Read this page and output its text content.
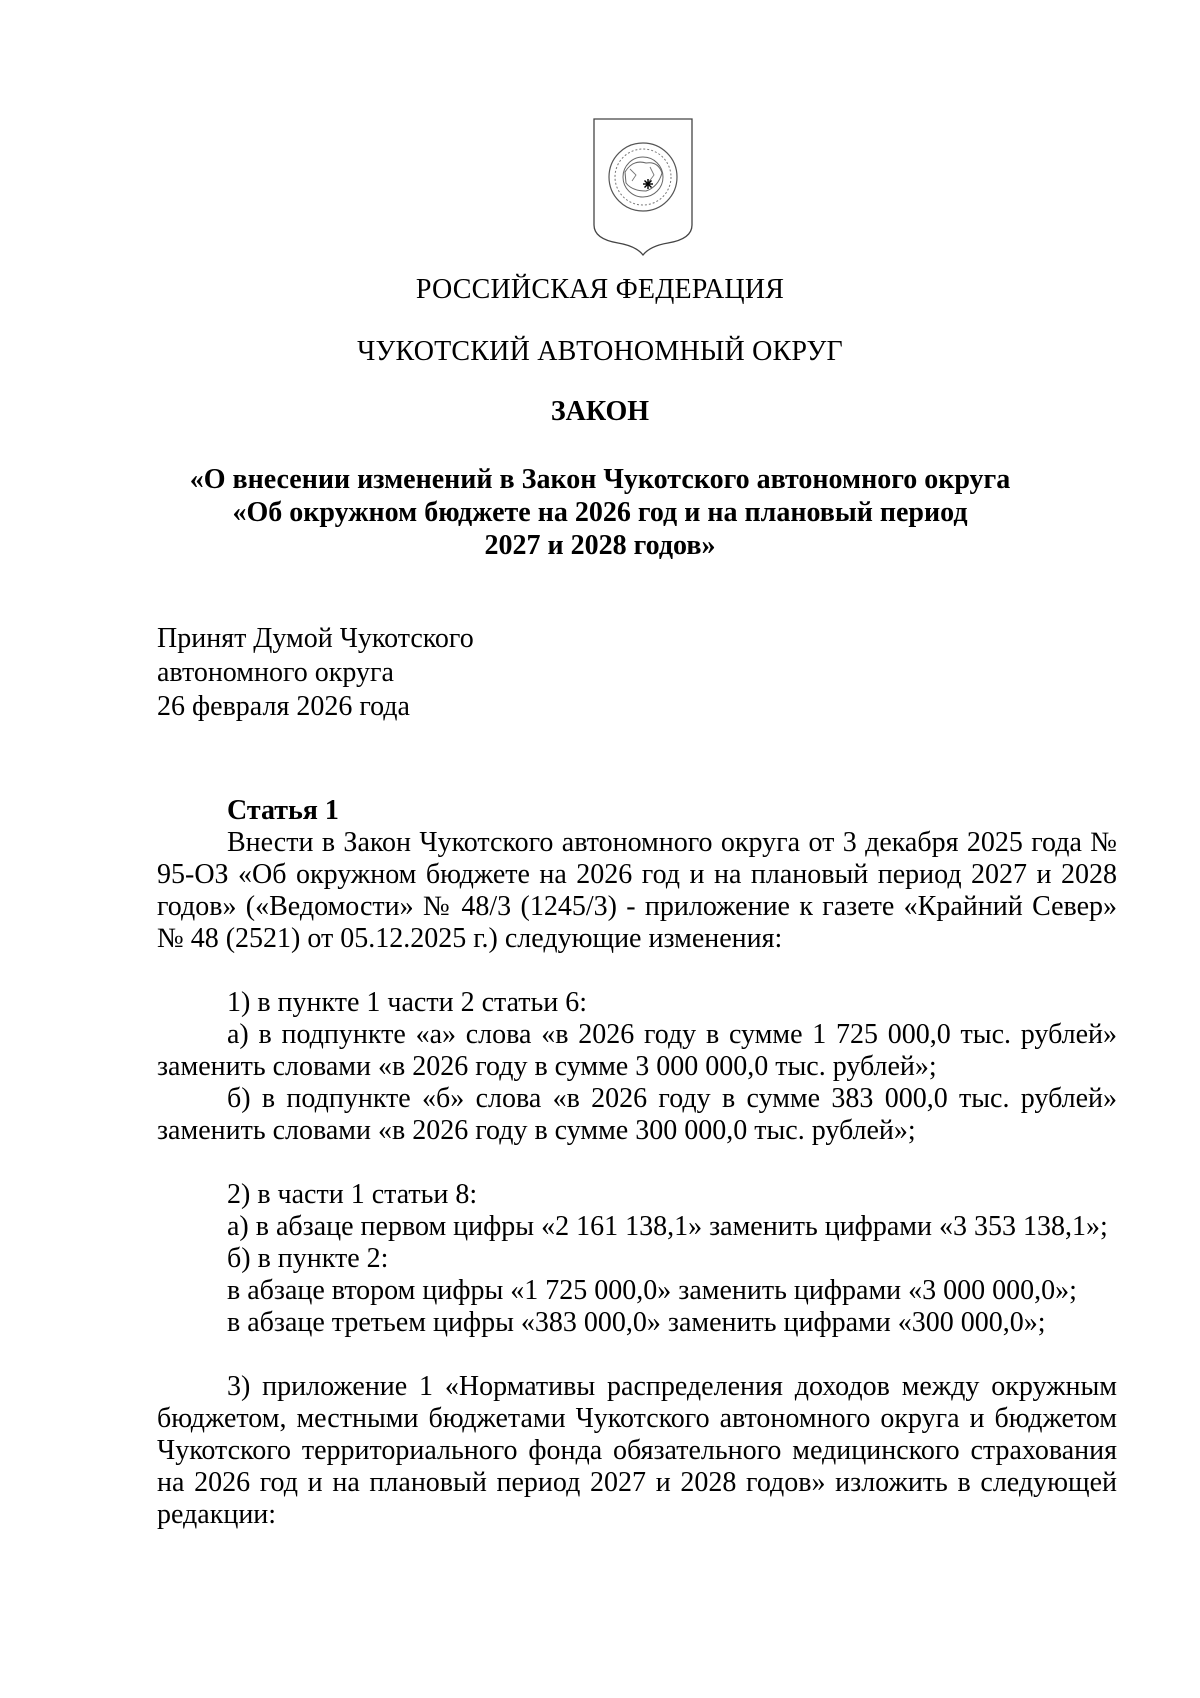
РОССИЙСКАЯ ФЕДЕРАЦИЯ
ЧУКОТСКИЙ АВТОНОМНЫЙ ОКРУГ
ЗАКОН
«О внесении изменений в Закон Чукотского автономного округа
«Об окружном бюджете на 2026 год и на плановый период
2027 и 2028 годов»
Принят Думой Чукотского
автономного округа
26 февраля 2026 года

Статья 1

Внести в Закон Чукотского автономного округа от 3 декабря 2025 года № 95-ОЗ «Об окружном бюджете на 2026 год и на плановый период 2027 и 2028 годов» («Ведомости» № 48/3 (1245/3) - приложение к газете «Крайний Север» № 48 (2521) от 05.12.2025 г.) следующие изменения:

1) в пункте 1 части 2 статьи 6:

а) в подпункте «а» слова «в 2026 году в сумме 1 725 000,0 тыс. рублей» заменить словами «в 2026 году в сумме 3 000 000,0 тыс. рублей»;

б) в подпункте «б» слова «в 2026 году в сумме 383 000,0 тыс. рублей» заменить словами «в 2026 году в сумме 300 000,0 тыс. рублей»;

2) в части 1 статьи 8:

а) в абзаце первом цифры «2 161 138,1» заменить цифрами «3 353 138,1»;

б) в пункте 2:

в абзаце втором цифры «1 725 000,0» заменить цифрами «3 000 000,0»;

в абзаце третьем цифры «383 000,0» заменить цифрами «300 000,0»;

3) приложение 1 «Нормативы распределения доходов между окружным бюджетом, местными бюджетами Чукотского автономного округа и бюджетом Чукотского территориального фонда обязательного медицинского страхования на 2026 год и на плановый период 2027 и 2028 годов» изложить в следующей редакции:
